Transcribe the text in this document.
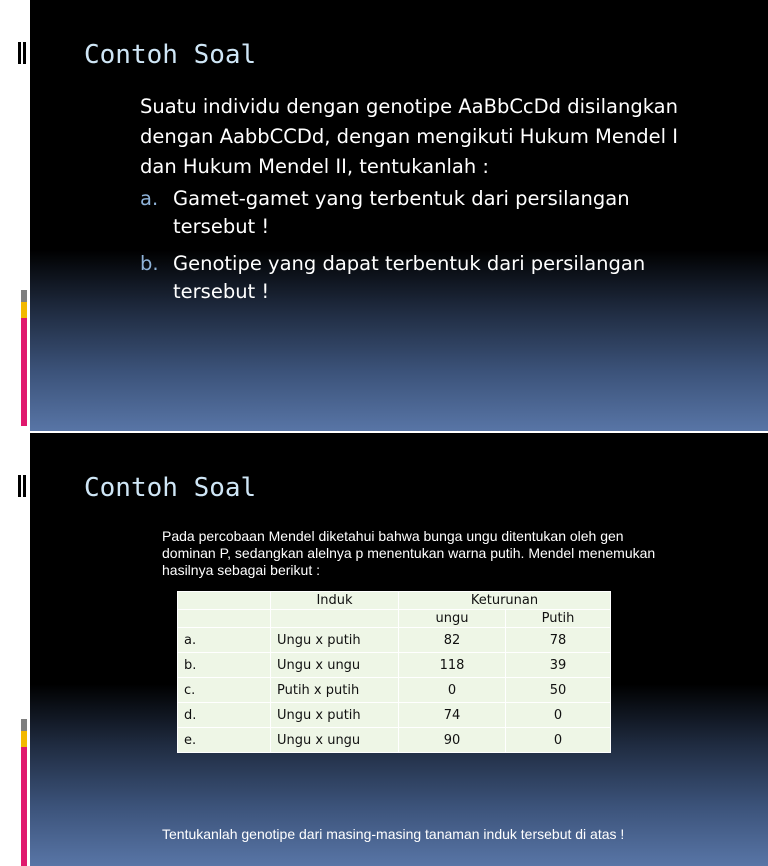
Contoh Soal
Suatu individu dengan genotipe AaBbCcDd disilangkan dengan AabbCCDd, dengan mengikuti Hukum Mendel I dan Hukum Mendel II, tentukanlah :
a. Gamet-gamet yang terbentuk dari persilangan tersebut !
b. Genotipe yang dapat terbentuk dari persilangan tersebut !
Contoh Soal
Pada percobaan Mendel diketahui bahwa bunga ungu ditentukan oleh gen dominan P, sedangkan alelnya p menentukan warna putih. Mendel menemukan hasilnya sebagai berikut :
	Induk	Keturunan	
		ungu	Putih
a.	Ungu x putih	82	78
b.	Ungu x ungu	118	39
c.	Putih x putih	0	50
d.	Ungu x putih	74	0
e.	Ungu x ungu	90	0
Tentukanlah genotipe dari masing-masing tanaman induk tersebut di atas !
